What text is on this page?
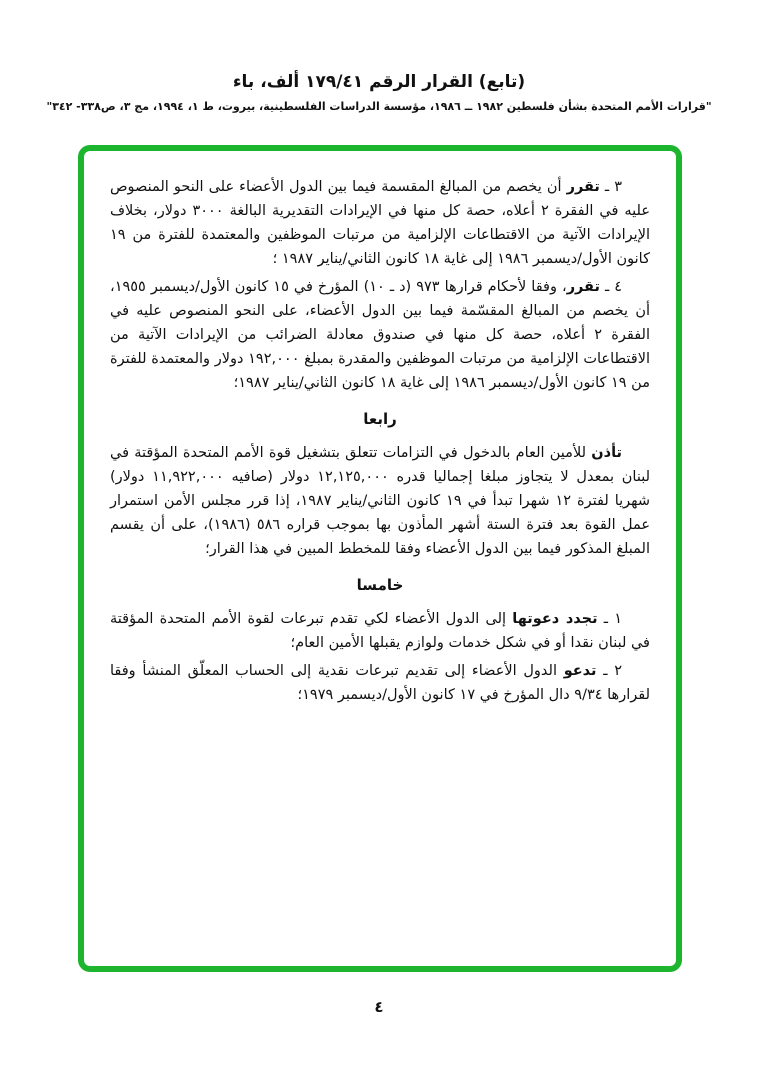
(تابع) القرار الرقم ١٧٩/٤١ ألف، باء
"قرارات الأمم المتحدة بشأن فلسطين ١٩٨٢ ــ ١٩٨٦، مؤسسة الدراسات الفلسطينية، بيروت، ط ١، ١٩٩٤، مج ٣، ص٣٣٨- ٣٤٢"

٣ ـ تقرر أن يخصم من المبالغ المقسمة فيما بين الدول الأعضاء على النحو المنصوص عليه في الفقرة ٢ أعلاه، حصة كل منها في الإيرادات التقديرية البالغة ٣٠٠٠ دولار، بخلاف الإيرادات الآتية من الاقتطاعات الإلزامية من مرتبات الموظفين والمعتمدة للفترة من ١٩ كانون الأول/ديسمبر ١٩٨٦ إلى غاية ١٨ كانون الثاني/يناير ١٩٨٧ ؛

٤ ـ تقرر، وفقا لأحكام قرارها ٩٧٣ (د ـ ١٠) المؤرخ في ١٥ كانون الأول/ديسمبر ١٩٥٥، أن يخصم من المبالغ المقسّمة فيما بين الدول الأعضاء، على النحو المنصوص عليه في الفقرة ٢ أعلاه، حصة كل منها في صندوق معادلة الضرائب من الإيرادات الآتية من الاقتطاعات الإلزامية من مرتبات الموظفين والمقدرة بمبلغ ١٩٢,٠٠٠ دولار والمعتمدة للفترة من ١٩ كانون الأول/ديسمبر ١٩٨٦ إلى غاية ١٨ كانون الثاني/يناير ١٩٨٧؛

رابعا

تأذن للأمين العام بالدخول في التزامات تتعلق بتشغيل قوة الأمم المتحدة المؤقتة في لبنان بمعدل لا يتجاوز مبلغا إجماليا قدره ١٢,١٢٥,٠٠٠ دولار (صافيه ١١,٩٢٢,٠٠٠ دولار) شهريا لفترة ١٢ شهرا تبدأ في ١٩ كانون الثاني/يناير ١٩٨٧، إذا قرر مجلس الأمن استمرار عمل القوة بعد فترة الستة أشهر المأذون بها بموجب قراره ٥٨٦ (١٩٨٦)، على أن يقسم المبلغ المذكور فيما بين الدول الأعضاء وفقا للمخطط المبين في هذا القرار؛

خامسا

١ ـ تجدد دعوتها إلى الدول الأعضاء لكي تقدم تبرعات لقوة الأمم المتحدة المؤقتة في لبنان نقدا أو في شكل خدمات ولوازم يقبلها الأمين العام؛

٢ ـ تدعو الدول الأعضاء إلى تقديم تبرعات نقدية إلى الحساب المعلّق المنشأ وفقا لقرارها ٩/٣٤ دال المؤرخ في ١٧ كانون الأول/ديسمبر ١٩٧٩؛

٤
